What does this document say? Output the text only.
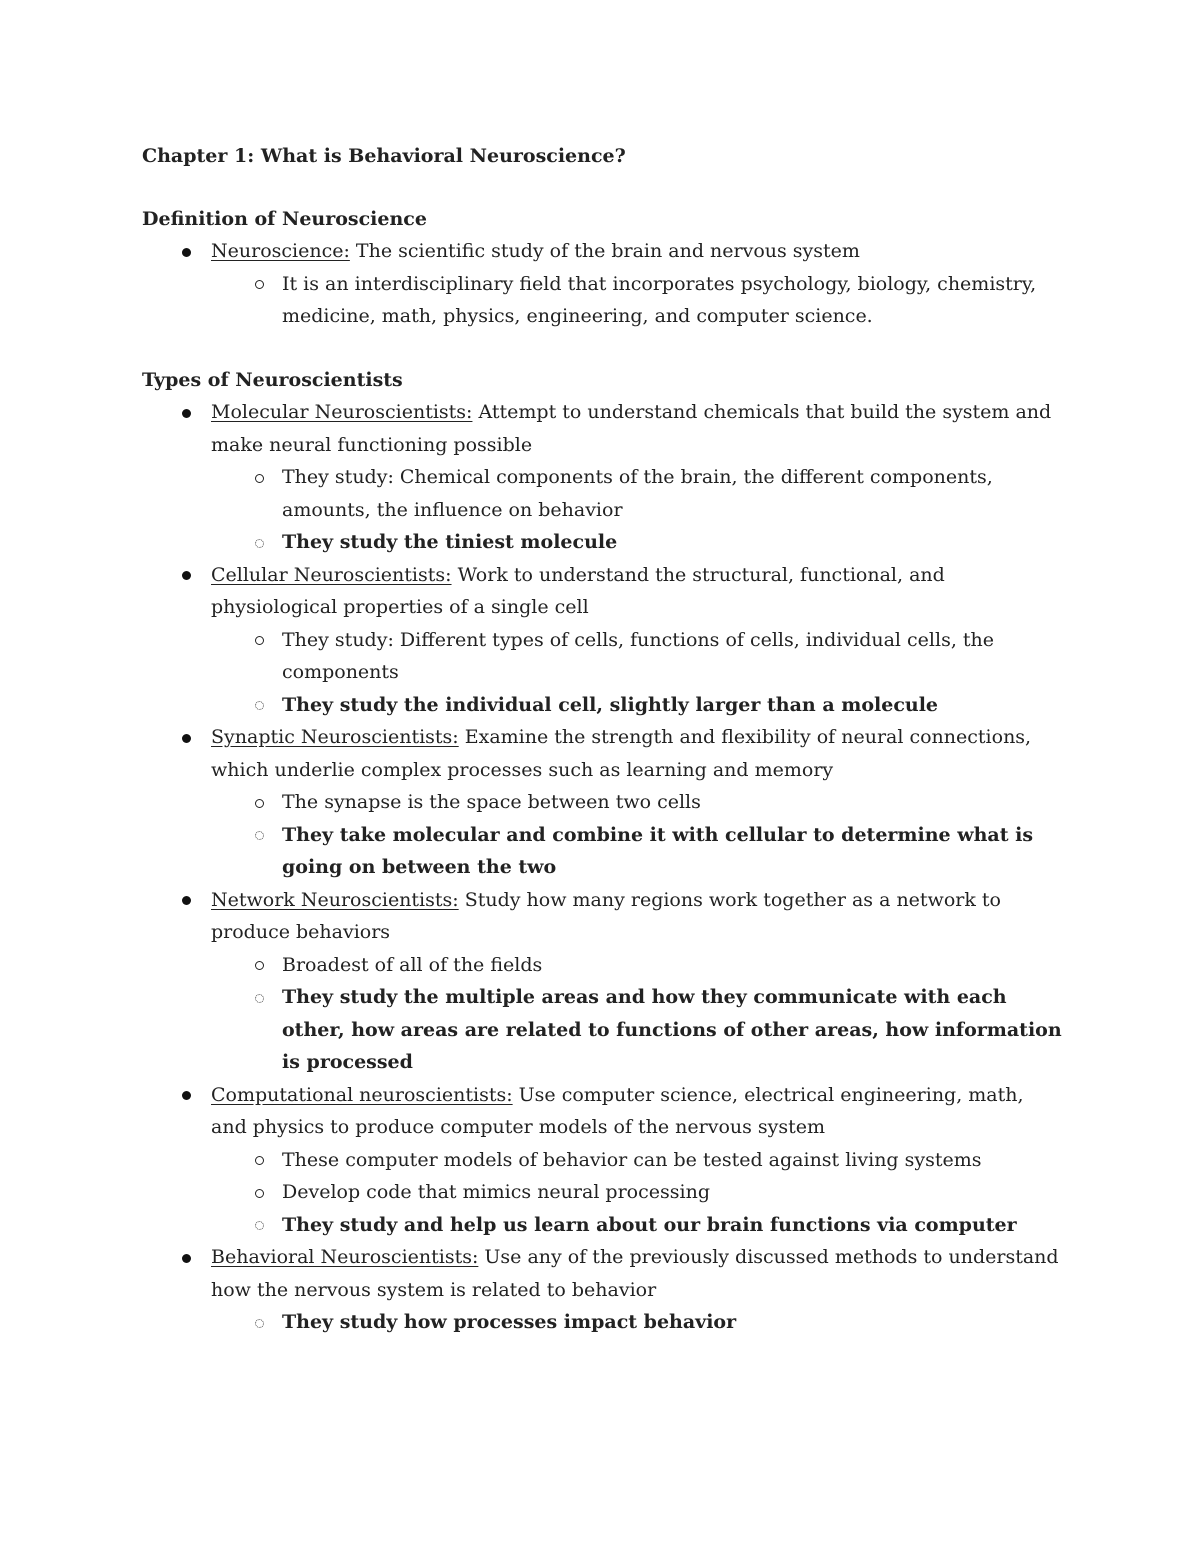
Chapter 1: What is Behavioral Neuroscience?

Definition of Neuroscience

Neuroscience: The scientific study of the brain and nervous system
It is an interdisciplinary field that incorporates psychology, biology, chemistry, medicine, math, physics, engineering, and computer science.

Types of Neuroscientists

Molecular Neuroscientists: Attempt to understand chemicals that build the system and make neural functioning possible
They study: Chemical components of the brain, the different components, amounts, the influence on behavior
They study the tiniest molecule
Cellular Neuroscientists: Work to understand the structural, functional, and physiological properties of a single cell
They study: Different types of cells, functions of cells, individual cells, the components
They study the individual cell, slightly larger than a molecule
Synaptic Neuroscientists: Examine the strength and flexibility of neural connections, which underlie complex processes such as learning and memory
The synapse is the space between two cells
They take molecular and combine it with cellular to determine what is going on between the two
Network Neuroscientists: Study how many regions work together as a network to produce behaviors
Broadest of all of the fields
They study the multiple areas and how they communicate with each other, how areas are related to functions of other areas, how information is processed
Computational neuroscientists: Use computer science, electrical engineering, math, and physics to produce computer models of the nervous system
These computer models of behavior can be tested against living systems
Develop code that mimics neural processing
They study and help us learn about our brain functions via computer
Behavioral Neuroscientists: Use any of the previously discussed methods to understand how the nervous system is related to behavior
They study how processes impact behavior
